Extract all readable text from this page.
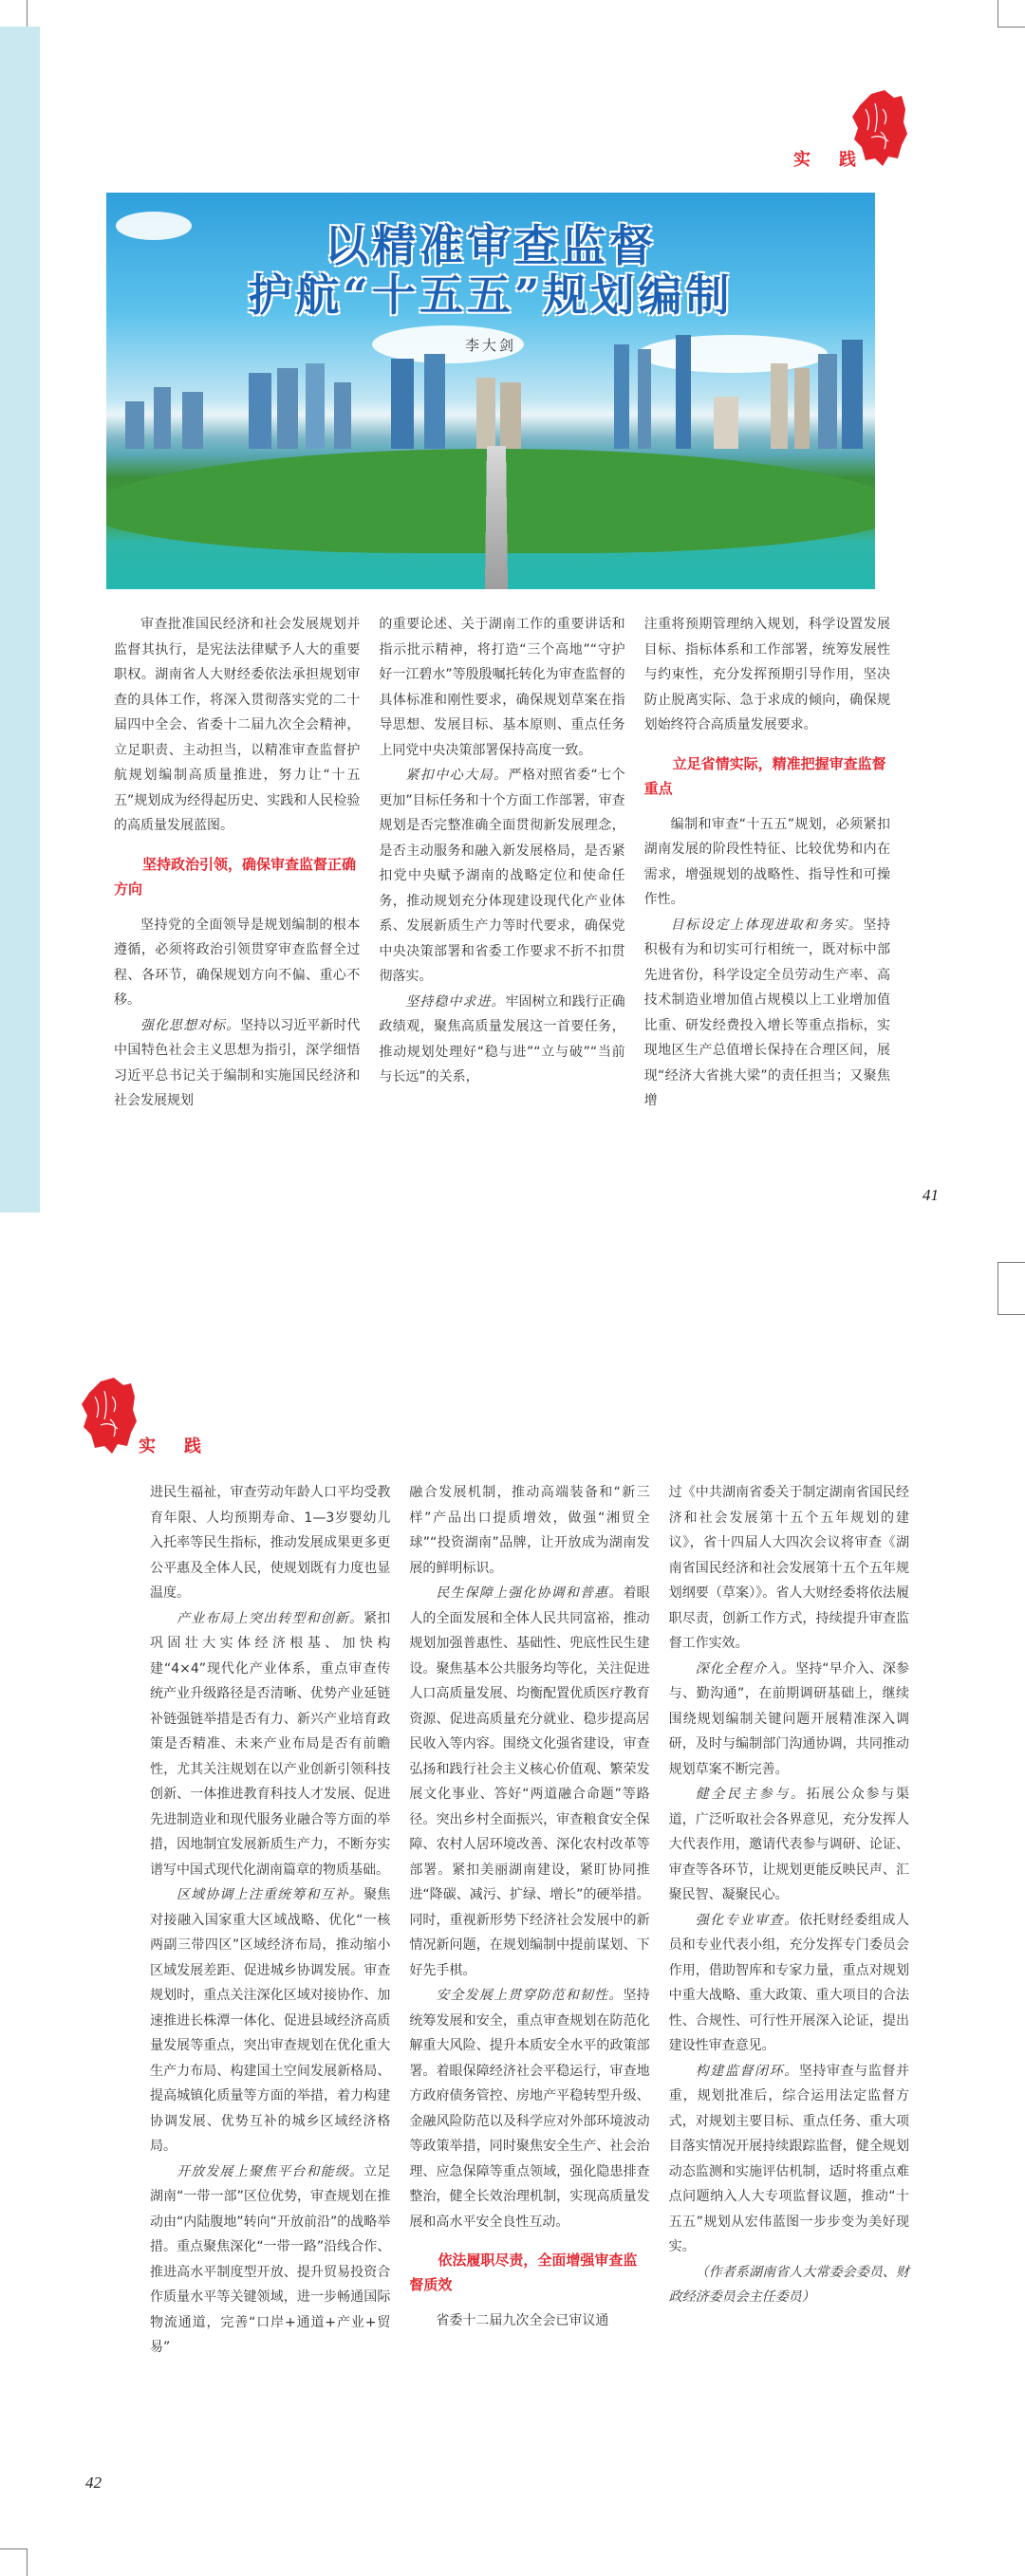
实 践
以精准审查监督
护航“十五五”规划编制
李大剑

审查批准国民经济和社会发展规划并监督其执行，是宪法法律赋予人大的重要职权。湖南省人大财经委依法承担规划审查的具体工作，将深入贯彻落实党的二十届四中全会、省委十二届九次全会精神，立足职责、主动担当，以精准审查监督护航规划编制高质量推进，努力让“十五五”规划成为经得起历史、实践和人民检验的高质量发展蓝图。

坚持政治引领，确保审查监督正确方向

坚持党的全面领导是规划编制的根本遵循，必须将政治引领贯穿审查监督全过程、各环节，确保规划方向不偏、重心不移。

强化思想对标。坚持以习近平新时代中国特色社会主义思想为指引，深学细悟习近平总书记关于编制和实施国民经济和社会发展规划

的重要论述、关于湖南工作的重要讲话和指示批示精神，将打造“三个高地”“守护好一江碧水”等殷殷嘱托转化为审查监督的具体标准和刚性要求，确保规划草案在指导思想、发展目标、基本原则、重点任务上同党中央决策部署保持高度一致。

紧扣中心大局。严格对照省委“七个更加”目标任务和十个方面工作部署，审查规划是否完整准确全面贯彻新发展理念，是否主动服务和融入新发展格局，是否紧扣党中央赋予湖南的战略定位和使命任务，推动规划充分体现建设现代化产业体系、发展新质生产力等时代要求，确保党中央决策部署和省委工作要求不折不扣贯彻落实。

坚持稳中求进。牢固树立和践行正确政绩观，聚焦高质量发展这一首要任务，推动规划处理好“稳与进”“立与破”“当前与长远”的关系，

注重将预期管理纳入规划，科学设置发展目标、指标体系和工作部署，统筹发展性与约束性，充分发挥预期引导作用，坚决防止脱离实际、急于求成的倾向，确保规划始终符合高质量发展要求。

立足省情实际，精准把握审查监督重点

编制和审查“十五五”规划，必须紧扣湖南发展的阶段性特征、比较优势和内在需求，增强规划的战略性、指导性和可操作性。

目标设定上体现进取和务实。坚持积极有为和切实可行相统一，既对标中部先进省份，科学设定全员劳动生产率、高技术制造业增加值占规模以上工业增加值比重、研发经费投入增长等重点指标，实现地区生产总值增长保持在合理区间，展现“经济大省挑大梁”的责任担当；又聚焦增

41
实 践

进民生福祉，审查劳动年龄人口平均受教育年限、人均预期寿命、1—3岁婴幼儿入托率等民生指标，推动发展成果更多更公平惠及全体人民，使规划既有力度也显温度。

产业布局上突出转型和创新。紧扣巩固壮大实体经济根基、加快构建“4×4”现代化产业体系，重点审查传统产业升级路径是否清晰、优势产业延链补链强链举措是否有力、新兴产业培育政策是否精准、未来产业布局是否有前瞻性，尤其关注规划在以产业创新引领科技创新、一体推进教育科技人才发展、促进先进制造业和现代服务业融合等方面的举措，因地制宜发展新质生产力，不断夯实谱写中国式现代化湖南篇章的物质基础。

区域协调上注重统筹和互补。聚焦对接融入国家重大区域战略、优化“一核两副三带四区”区域经济布局，推动缩小区域发展差距、促进城乡协调发展。审查规划时，重点关注深化区域对接协作、加速推进长株潭一体化、促进县域经济高质量发展等重点，突出审查规划在优化重大生产力布局、构建国土空间发展新格局、提高城镇化质量等方面的举措，着力构建协调发展、优势互补的城乡区域经济格局。

开放发展上聚焦平台和能级。立足湖南“一带一部”区位优势，审查规划在推动由“内陆腹地”转向“开放前沿”的战略举措。重点聚焦深化“一带一路”沿线合作、推进高水平制度型开放、提升贸易投资合作质量水平等关键领域，进一步畅通国际物流通道，完善“口岸+通道+产业+贸易”

融合发展机制，推动高端装备和“新三样”产品出口提质增效，做强“湘贸全球”“投资湖南”品牌，让开放成为湖南发展的鲜明标识。

民生保障上强化协调和普惠。着眼人的全面发展和全体人民共同富裕，推动规划加强普惠性、基础性、兜底性民生建设。聚焦基本公共服务均等化，关注促进人口高质量发展、均衡配置优质医疗教育资源、促进高质量充分就业、稳步提高居民收入等内容。围绕文化强省建设，审查弘扬和践行社会主义核心价值观、繁荣发展文化事业、答好“两道融合命题”等路径。突出乡村全面振兴，审查粮食安全保障、农村人居环境改善、深化农村改革等部署。紧扣美丽湖南建设，紧盯协同推进“降碳、减污、扩绿、增长”的硬举措。同时，重视新形势下经济社会发展中的新情况新问题，在规划编制中提前谋划、下好先手棋。

安全发展上贯穿防范和韧性。坚持统筹发展和安全，重点审查规划在防范化解重大风险、提升本质安全水平的政策部署。着眼保障经济社会平稳运行，审查地方政府债务管控、房地产平稳转型升级、金融风险防范以及科学应对外部环境波动等政策举措，同时聚焦安全生产、社会治理、应急保障等重点领域，强化隐患排查整治，健全长效治理机制，实现高质量发展和高水平安全良性互动。

依法履职尽责，全面增强审查监督质效

省委十二届九次全会已审议通

过《中共湖南省委关于制定湖南省国民经济和社会发展第十五个五年规划的建议》，省十四届人大四次会议将审查《湖南省国民经济和社会发展第十五个五年规划纲要（草案）》。省人大财经委将依法履职尽责，创新工作方式，持续提升审查监督工作实效。

深化全程介入。坚持“早介入、深参与、勤沟通”，在前期调研基础上，继续围绕规划编制关键问题开展精准深入调研，及时与编制部门沟通协调，共同推动规划草案不断完善。

健全民主参与。拓展公众参与渠道，广泛听取社会各界意见，充分发挥人大代表作用，邀请代表参与调研、论证、审查等各环节，让规划更能反映民声、汇聚民智、凝聚民心。

强化专业审查。依托财经委组成人员和专业代表小组，充分发挥专门委员会作用，借助智库和专家力量，重点对规划中重大战略、重大政策、重大项目的合法性、合规性、可行性开展深入论证，提出建设性审查意见。

构建监督闭环。坚持审查与监督并重，规划批准后，综合运用法定监督方式，对规划主要目标、重点任务、重大项目落实情况开展持续跟踪监督，健全规划动态监测和实施评估机制，适时将重点难点问题纳入人大专项监督议题，推动“十五五”规划从宏伟蓝图一步步变为美好现实。

（作者系湖南省人大常委会委员、财政经济委员会主任委员）

42
